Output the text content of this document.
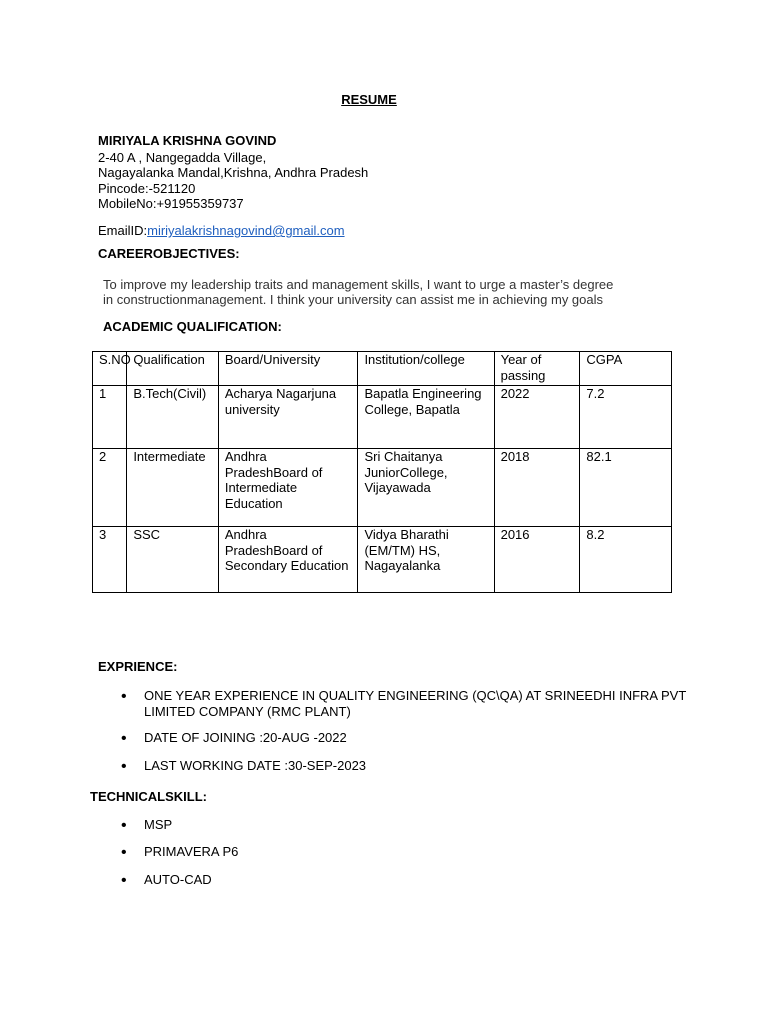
RESUME
MIRIYALA KRISHNA GOVIND
2-40 A , Nangegadda Village,
Nagayalanka Mandal,Krishna, Andhra Pradesh
Pincode:-521120
MobileNo:+91955359737
EmailID:miriyalakrishnagovind@gmail.com
CAREEROBJECTIVES:
To improve my leadership traits and management skills, I want to urge a master’s degree
in constructionmanagement. I think your university can assist me in achieving my goals
ACADEMIC QUALIFICATION:
S.NO	Qualification	Board/University	Institution/college	Year of passing	CGPA
1	B.Tech(Civil)	Acharya Nagarjuna university	Bapatla Engineering College, Bapatla	2022	7.2
2	Intermediate	Andhra PradeshBoard of Intermediate Education	Sri Chaitanya JuniorCollege, Vijayawada	2018	82.1
3	SSC	Andhra PradeshBoard of Secondary Education	Vidya Bharathi (EM/TM) HS, Nagayalanka	2016	8.2
EXPRIENCE:
• ONE YEAR EXPERIENCE IN QUALITY ENGINEERING (QC\QA) AT SRINEEDHI INFRA PVT
LIMITED COMPANY (RMC PLANT)
• DATE OF JOINING :20-AUG -2022
• LAST WORKING DATE :30-SEP-2023
TECHNICALSKILL:
• MSP
• PRIMAVERA P6
• AUTO-CAD
